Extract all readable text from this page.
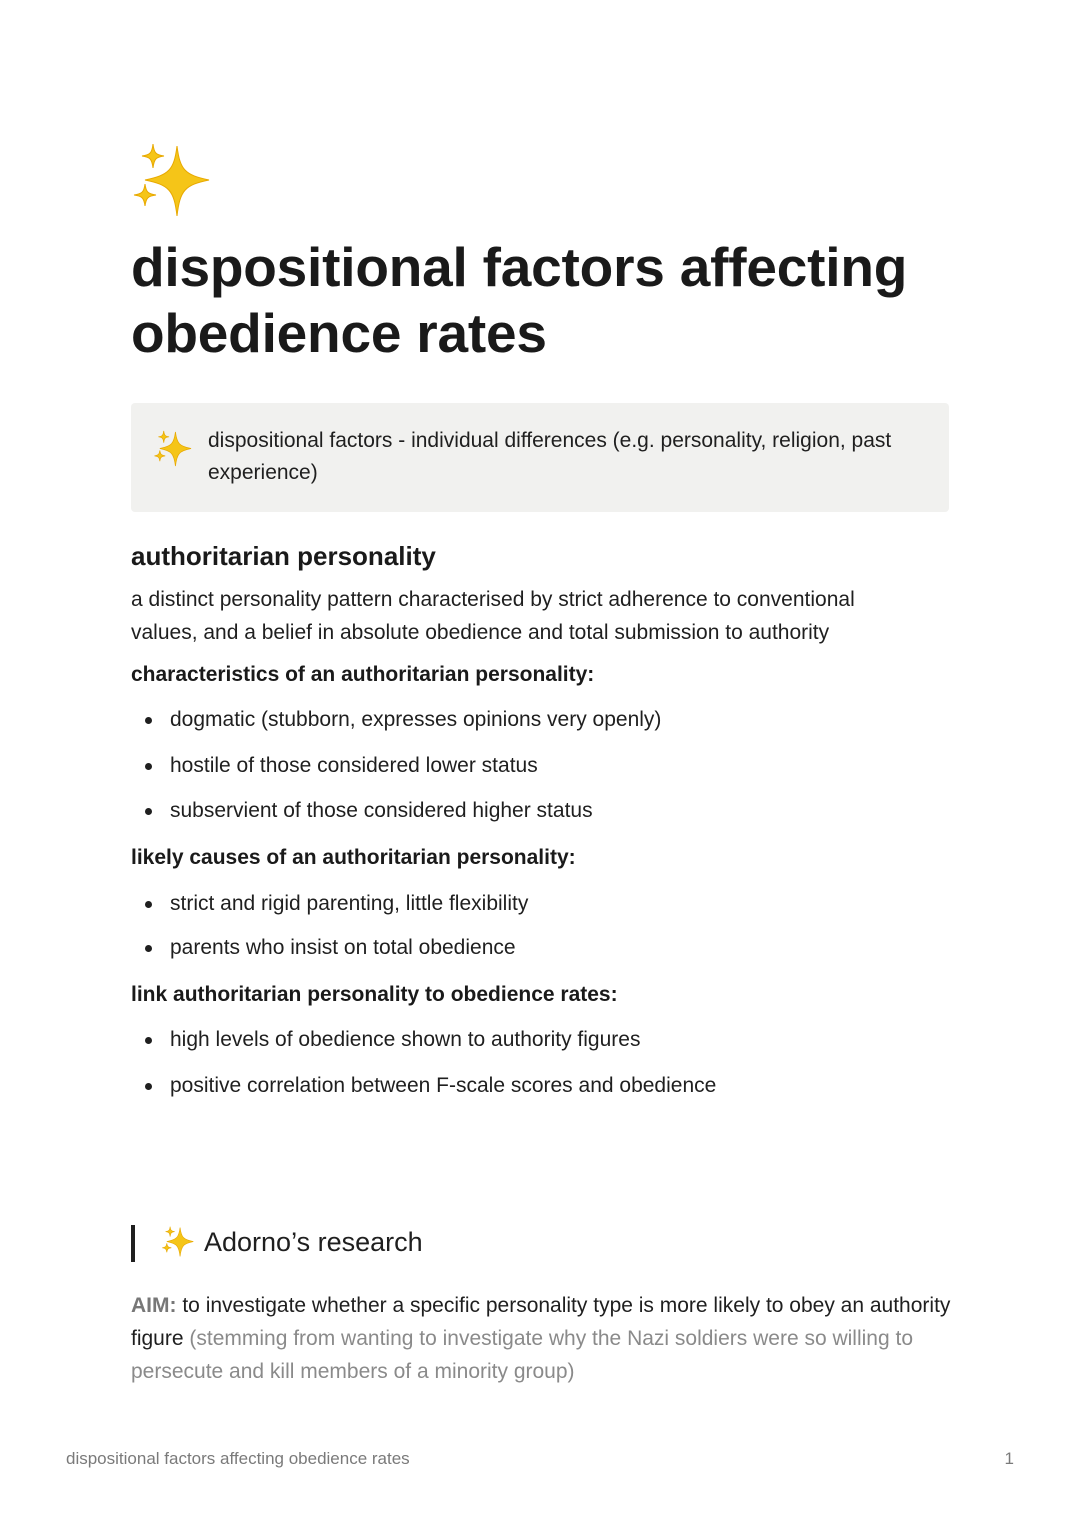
dispositional factors affecting obedience rates
dispositional factors - individual differences (e.g. personality, religion, past experience)
authoritarian personality

a distinct personality pattern characterised by strict adherence to conventional values, and a belief in absolute obedience and total submission to authority

characteristics of an authoritarian personality:

dogmatic (stubborn, expresses opinions very openly)
hostile of those considered lower status
subservient of those considered higher status

likely causes of an authoritarian personality:

strict and rigid parenting, little flexibility
parents who insist on total obedience

link authoritarian personality to obedience rates:

high levels of obedience shown to authority figures
positive correlation between F-scale scores and obedience
Adorno’s research

AIM: to investigate whether a specific personality type is more likely to obey an authority figure (stemming from wanting to investigate why the Nazi soldiers were so willing to persecute and kill members of a minority group)

dispositional factors affecting obedience rates	1
